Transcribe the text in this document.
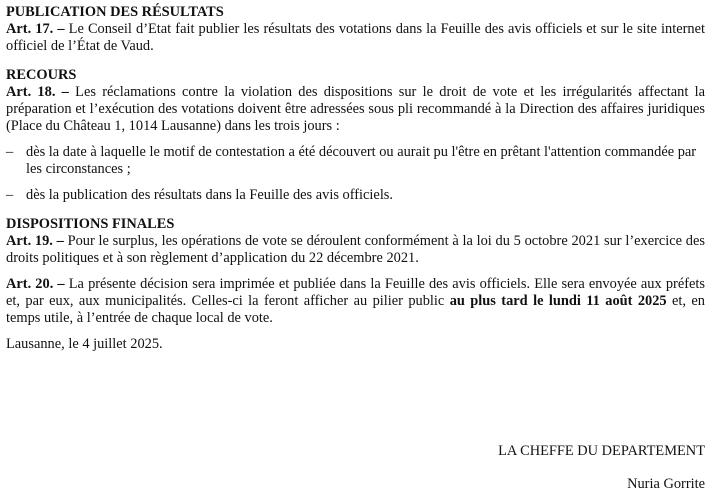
PUBLICATION DES RÉSULTATS

Art. 17. – Le Conseil d’Etat fait publier les résultats des votations dans la Feuille des avis officiels et sur le site internet officiel de l’État de Vaud.

RECOURS

Art. 18. – Les réclamations contre la violation des dispositions sur le droit de vote et les irrégularités affectant la préparation et l’exécution des votations doivent être adressées sous pli recommandé à la Direction des affaires juridiques (Place du Château 1, 1014 Lausanne) dans les trois jours :

– dès la date à laquelle le motif de contestation a été découvert ou aurait pu l'être en prêtant l'attention commandée par les circonstances ;
– dès la publication des résultats dans la Feuille des avis officiels.
DISPOSITIONS FINALES

Art. 19. – Pour le surplus, les opérations de vote se déroulent conformément à la loi du 5 octobre 2021 sur l’exercice des droits politiques et à son règlement d’application du 22 décembre 2021.

Art. 20. – La présente décision sera imprimée et publiée dans la Feuille des avis officiels. Elle sera envoyée aux préfets et, par eux, aux municipalités. Celles-ci la feront afficher au pilier public au plus tard le lundi 11 août 2025 et, en temps utile, à l’entrée de chaque local de vote.

Lausanne, le 4 juillet 2025.

LA CHEFFE DU DEPARTEMENT
Nuria Gorrite
